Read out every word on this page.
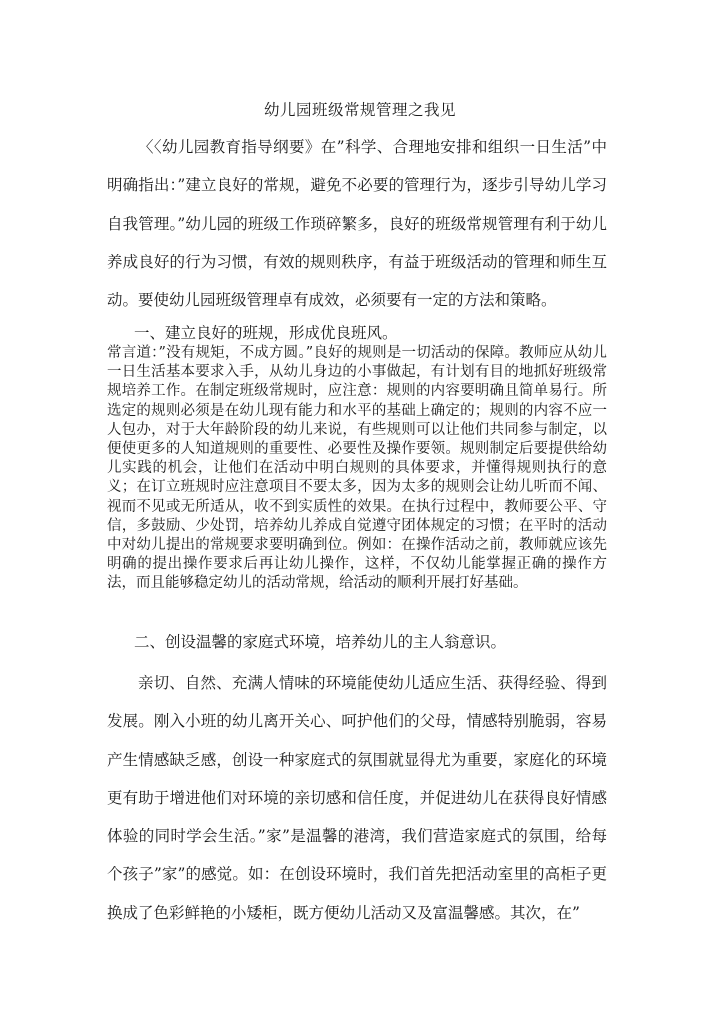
幼儿园班级常规管理之我见

〈〈幼儿园教育指导纲要》在”科学、合理地安排和组织一日生活”中明确指出：”建立良好的常规，避免不必要的管理行为，逐步引导幼儿学习自我管理。”幼儿园的班级工作琐碎繁多，良好的班级常规管理有利于幼儿养成良好的行为习惯，有效的规则秩序，有益于班级活动的管理和师生互动。要使幼儿园班级管理卓有成效，必须要有一定的方法和策略。

一、建立良好的班规，形成优良班风。

常言道：”没有规矩，不成方圆。”良好的规则是一切活动的保障。教师应从幼儿一日生活基本要求入手，从幼儿身边的小事做起，有计划有目的地抓好班级常规培养工作。在制定班级常规时，应注意：规则的内容要明确且简单易行。所选定的规则必须是在幼儿现有能力和水平的基础上确定的；规则的内容不应一人包办，对于大年龄阶段的幼儿来说，有些规则可以让他们共同参与制定，以便使更多的人知道规则的重要性、必要性及操作要领。规则制定后要提供给幼儿实践的机会，让他们在活动中明白规则的具体要求，并懂得规则执行的意义；在订立班规时应注意项目不要太多，因为太多的规则会让幼儿听而不闻、视而不见或无所适从，收不到实质性的效果。在执行过程中，教师要公平、守信，多鼓励、少处罚，培养幼儿养成自觉遵守团体规定的习惯；在平时的活动中对幼儿提出的常规要求要明确到位。例如：在操作活动之前，教师就应该先明确的提出操作要求后再让幼儿操作，这样，不仅幼儿能掌握正确的操作方法，而且能够稳定幼儿的活动常规，给活动的顺利开展打好基础。

二、创设温馨的家庭式环境，培养幼儿的主人翁意识。

亲切、自然、充满人情味的环境能使幼儿适应生活、获得经验、得到发展。刚入小班的幼儿离开关心、呵护他们的父母，情感特别脆弱，容易产生情感缺乏感，创设一种家庭式的氛围就显得尤为重要，家庭化的环境更有助于增进他们对环境的亲切感和信任度，并促进幼儿在获得良好情感体验的同时学会生活。”家”是温馨的港湾，我们营造家庭式的氛围，给每个孩子”家”的感觉。如：在创设环境时，我们首先把活动室里的高柜子更换成了色彩鲜艳的小矮柜，既方便幼儿活动又及富温馨感。其次，在”
